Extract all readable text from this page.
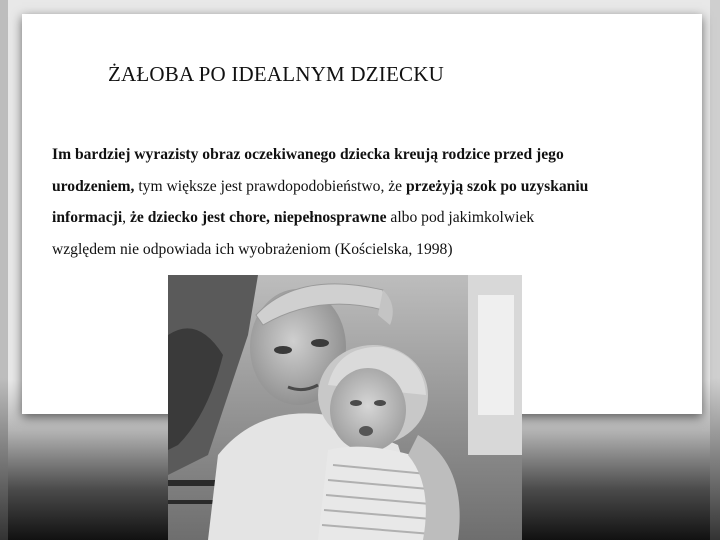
ŻAŁOBA PO IDEALNYM DZIECKU
Im bardziej wyrazisty obraz oczekiwanego dziecka kreują rodzice przed jego
urodzeniem, tym większe jest prawdopodobieństwo, że przeżyją szok po uzyskaniu
informacji, że dziecko jest chore, niepełnosprawne albo pod jakimkolwiek
względem nie odpowiada ich wyobrażeniom (Kościelska, 1998)
